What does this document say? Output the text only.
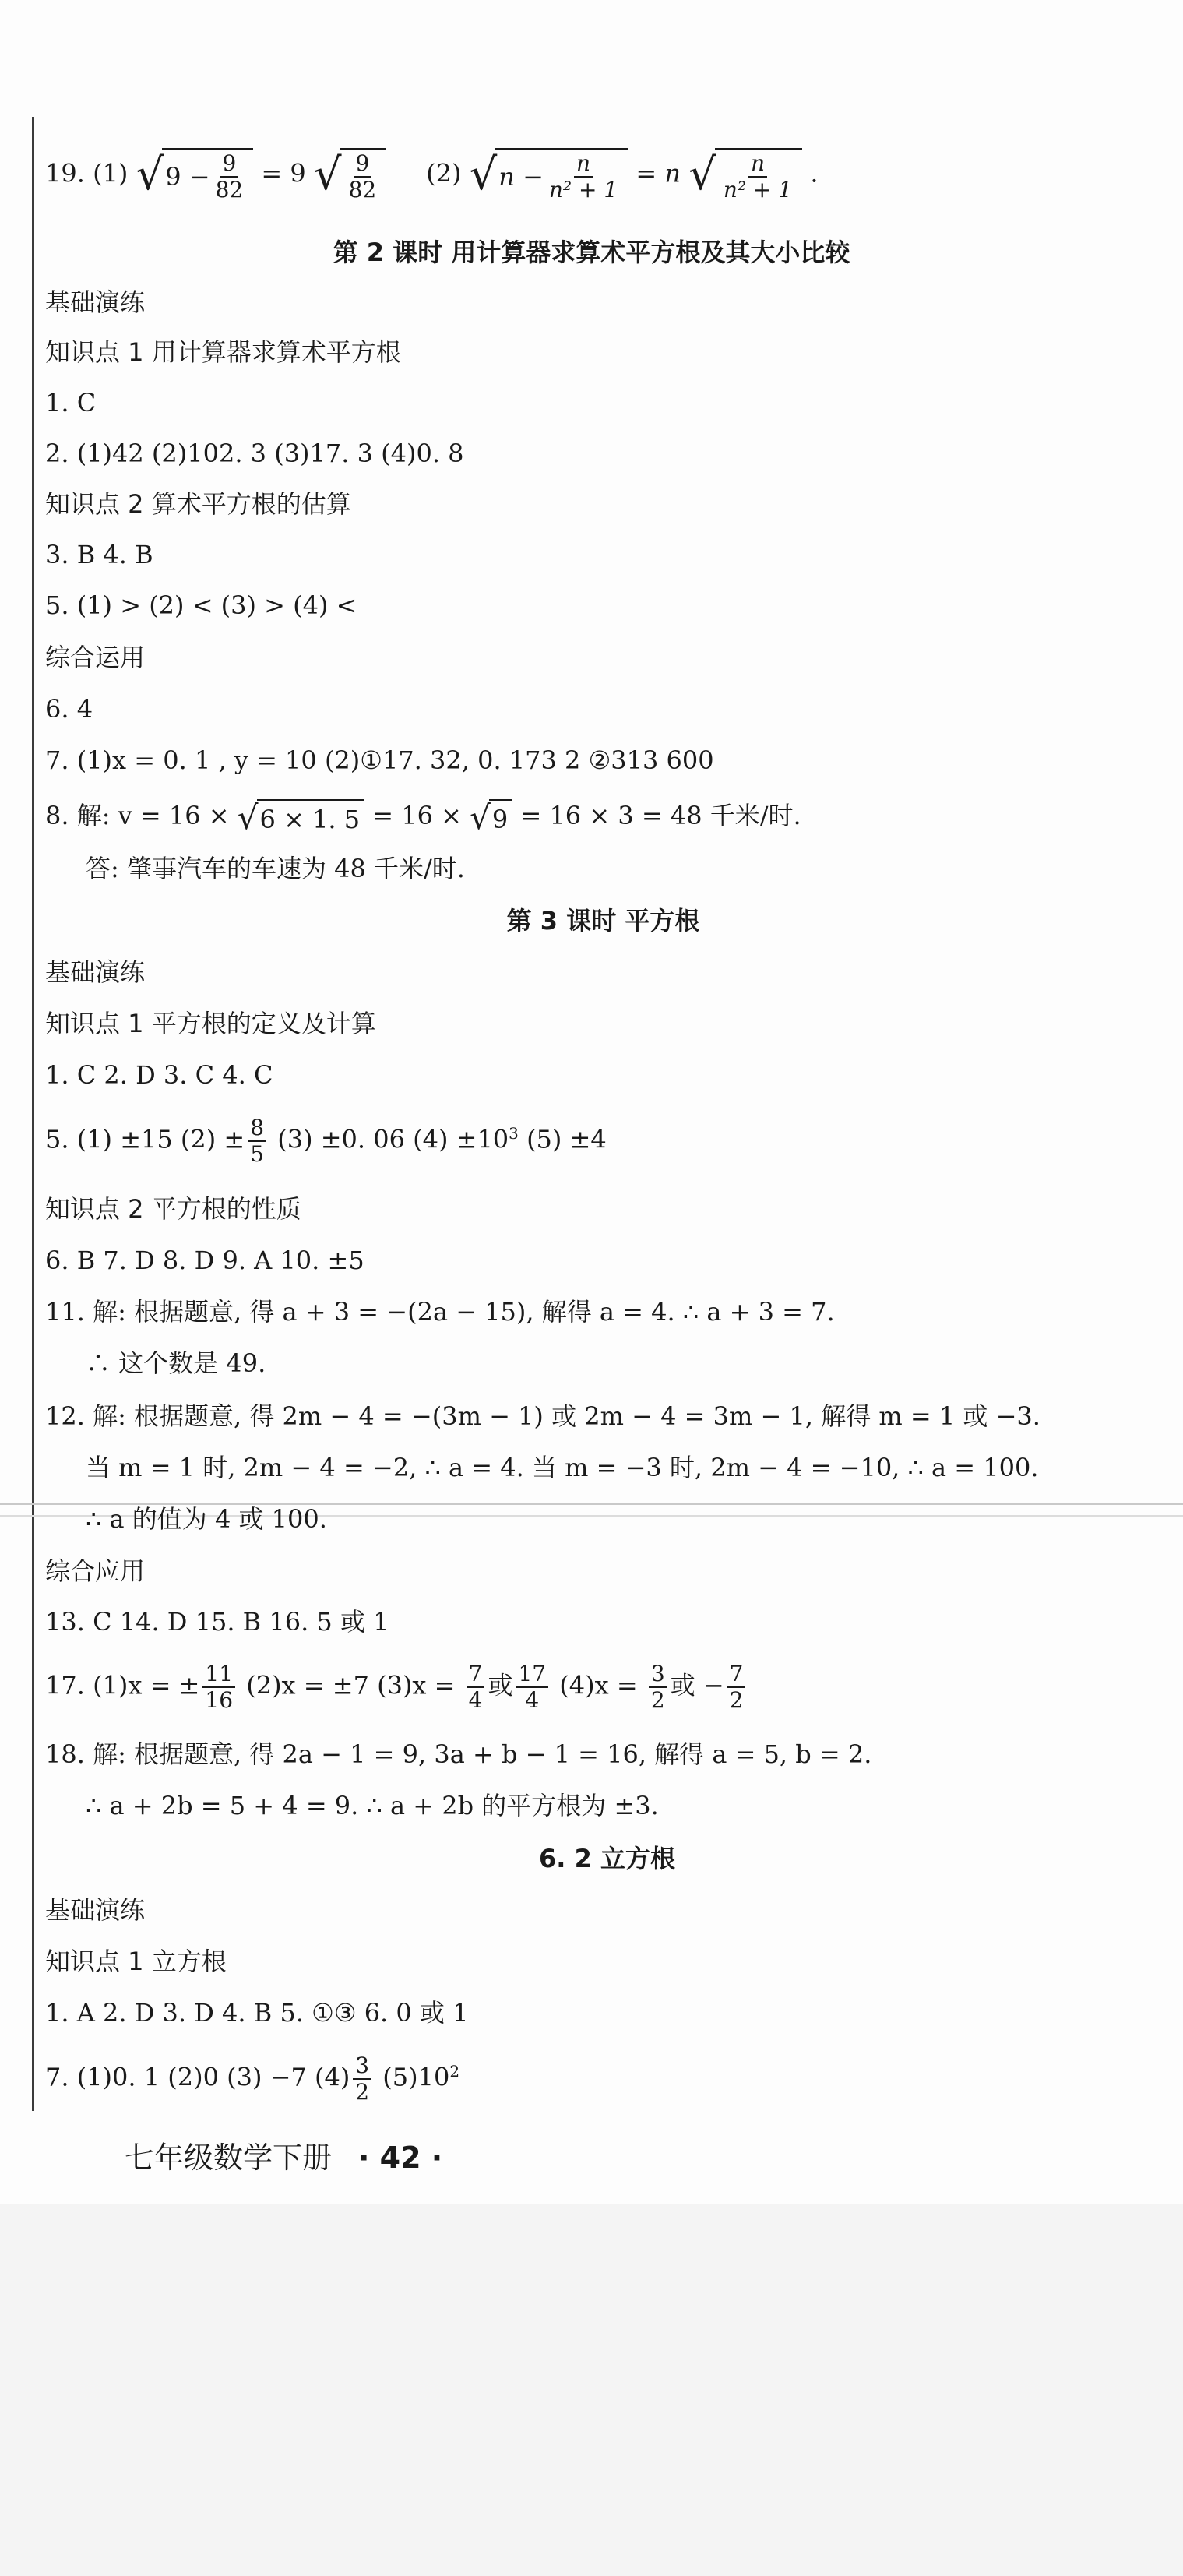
19. (1) √ $9 - \frac{9}{82} = 9$ √ $\frac{9}{82} (2)$ √ $n - \frac{n}{\text{n² + 1}} = n$ √ $\frac{n}{\text{n² + 1}}$ .
第 2 课时 用计算器求算术平方根及其大小比较
基础演练
知识点 1 用计算器求算术平方根
1. C
2. (1)42 (2)102. 3 (3)17. 3 (4)0. 8
知识点 2 算术平方根的估算
3. B 4. B
5. (1) > (2) < (3) > (4) <
综合运用
6. 4
7. (1)x = 0. 1 , y = 10 (2)①17. 32, 0. 173 2 ②313 600
8. 解: v = 16 × √ 6 × 1. 5 = 16 × √ 9 = 16 × 3 = 48 千米/时.
答: 肇事汽车的车速为 48 千米/时.
第 3 课时 平方根
基础演练
知识点 1 平方根的定义及计算
1. C 2. D 3. C 4. C
5. (1) ±15 $(2) \pm \frac{8}{5} (3) \pm 0$. 06 $(4) \pm 10^3$ (5) ±4
知识点 2 平方根的性质
6. B 7. D 8. D 9. A 10. ±5
11. 解: 根据题意, 得 a + 3 = −(2a − 15), 解得 a = 4. ∴ a + 3 = 7.
∴ 这个数是 49.
12. 解: 根据题意, 得 2m − 4 = −(3m − 1) 或 2m − 4 = 3m − 1, 解得 m = 1 或 −3.
当 m = 1 时, 2m − 4 = −2, ∴ a = 4. 当 m = −3 时, 2m − 4 = −10, ∴ a = 100.
∴ a 的值为 4 或 100.
综合应用
13. C 14. D 15. B 16. 5 或 1
17. (1)x = ± $\frac{11}{16} (2)x = \pm 7$ $(3)x = \frac{7}{4}$ 或 $\frac{17}{4} (4)x = \frac{3}{2}$ 或 − $\frac{7}{2}$
18. 解: 根据题意, 得 2a − 1 = 9, 3a + b − 1 = 16, 解得 a = 5, b = 2.
∴ a + 2b = 5 + 4 = 9. ∴ a + 2b 的平方根为 ±3.
6. 2 立方根
基础演练
知识点 1 立方根
1. A 2. D 3. D 4. B 5. ①③ 6. 0 或 1
7. (1)0. 1 (2)0 (3) −7 $(4) \frac{3}{2} (5)10^2$
七年级数学下册 · 42 ·
